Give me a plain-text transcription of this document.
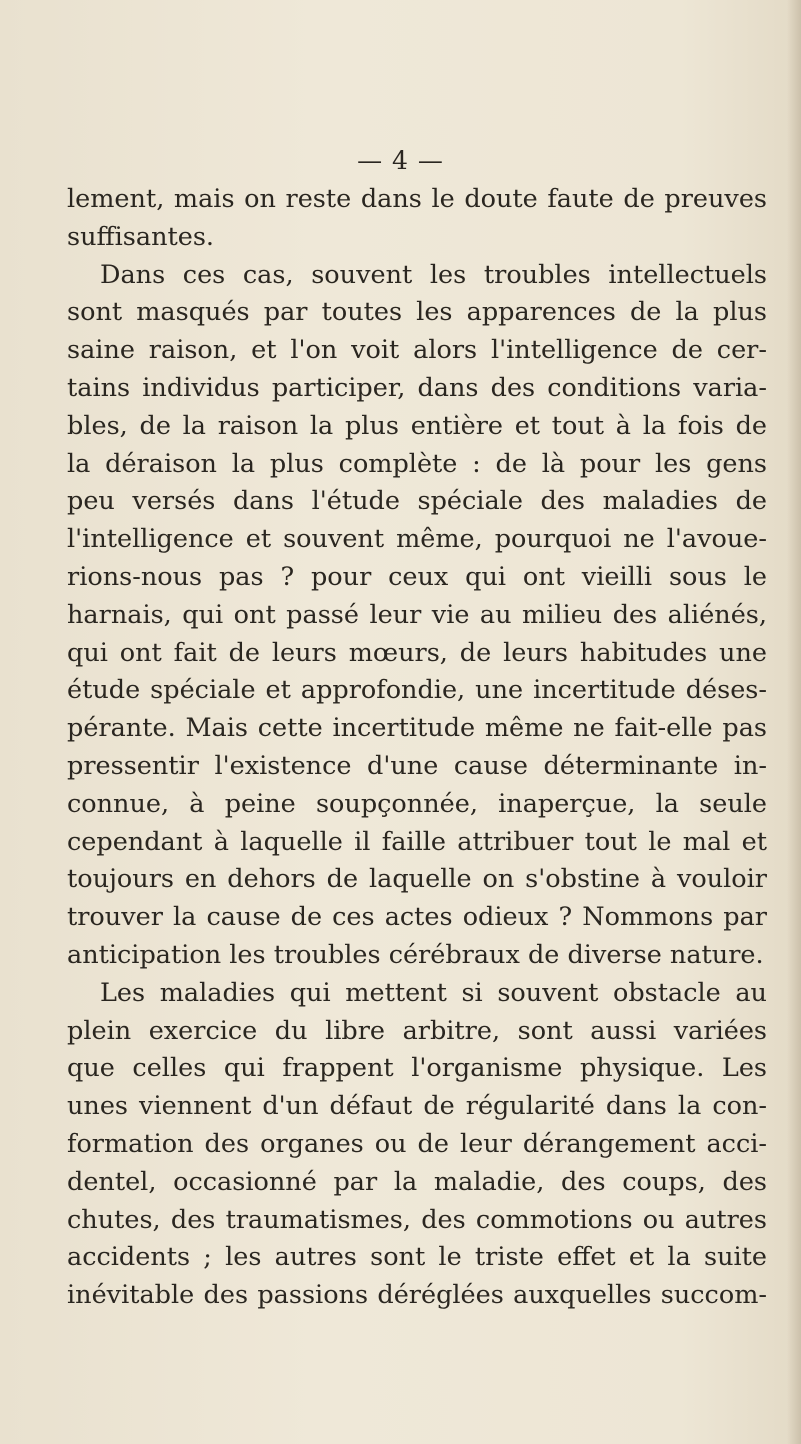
— 4 —
lement, mais on reste dans le doute faute de preuves
suffisantes.
Dans ces cas, souvent les troubles intellectuels
sont masqués par toutes les apparences de la plus
saine raison, et l'on voit alors l'intelligence de cer-
tains individus participer, dans des conditions varia-
bles, de la raison la plus entière et tout à la fois de
la déraison la plus complète : de là pour les gens
peu versés dans l'étude spéciale des maladies de
l'intelligence et souvent même, pourquoi ne l'avoue-
rions-nous pas ? pour ceux qui ont vieilli sous le
harnais, qui ont passé leur vie au milieu des aliénés,
qui ont fait de leurs mœurs, de leurs habitudes une
étude spéciale et approfondie, une incertitude déses-
pérante. Mais cette incertitude même ne fait-elle pas
pressentir l'existence d'une cause déterminante in-
connue, à peine soupçonnée, inaperçue, la seule
cependant à laquelle il faille attribuer tout le mal et
toujours en dehors de laquelle on s'obstine à vouloir
trouver la cause de ces actes odieux ? Nommons par
anticipation les troubles cérébraux de diverse nature.
Les maladies qui mettent si souvent obstacle au
plein exercice du libre arbitre, sont aussi variées
que celles qui frappent l'organisme physique. Les
unes viennent d'un défaut de régularité dans la con-
formation des organes ou de leur dérangement acci-
dentel, occasionné par la maladie, des coups, des
chutes, des traumatismes, des commotions ou autres
accidents ; les autres sont le triste effet et la suite
inévitable des passions déréglées auxquelles succom-
